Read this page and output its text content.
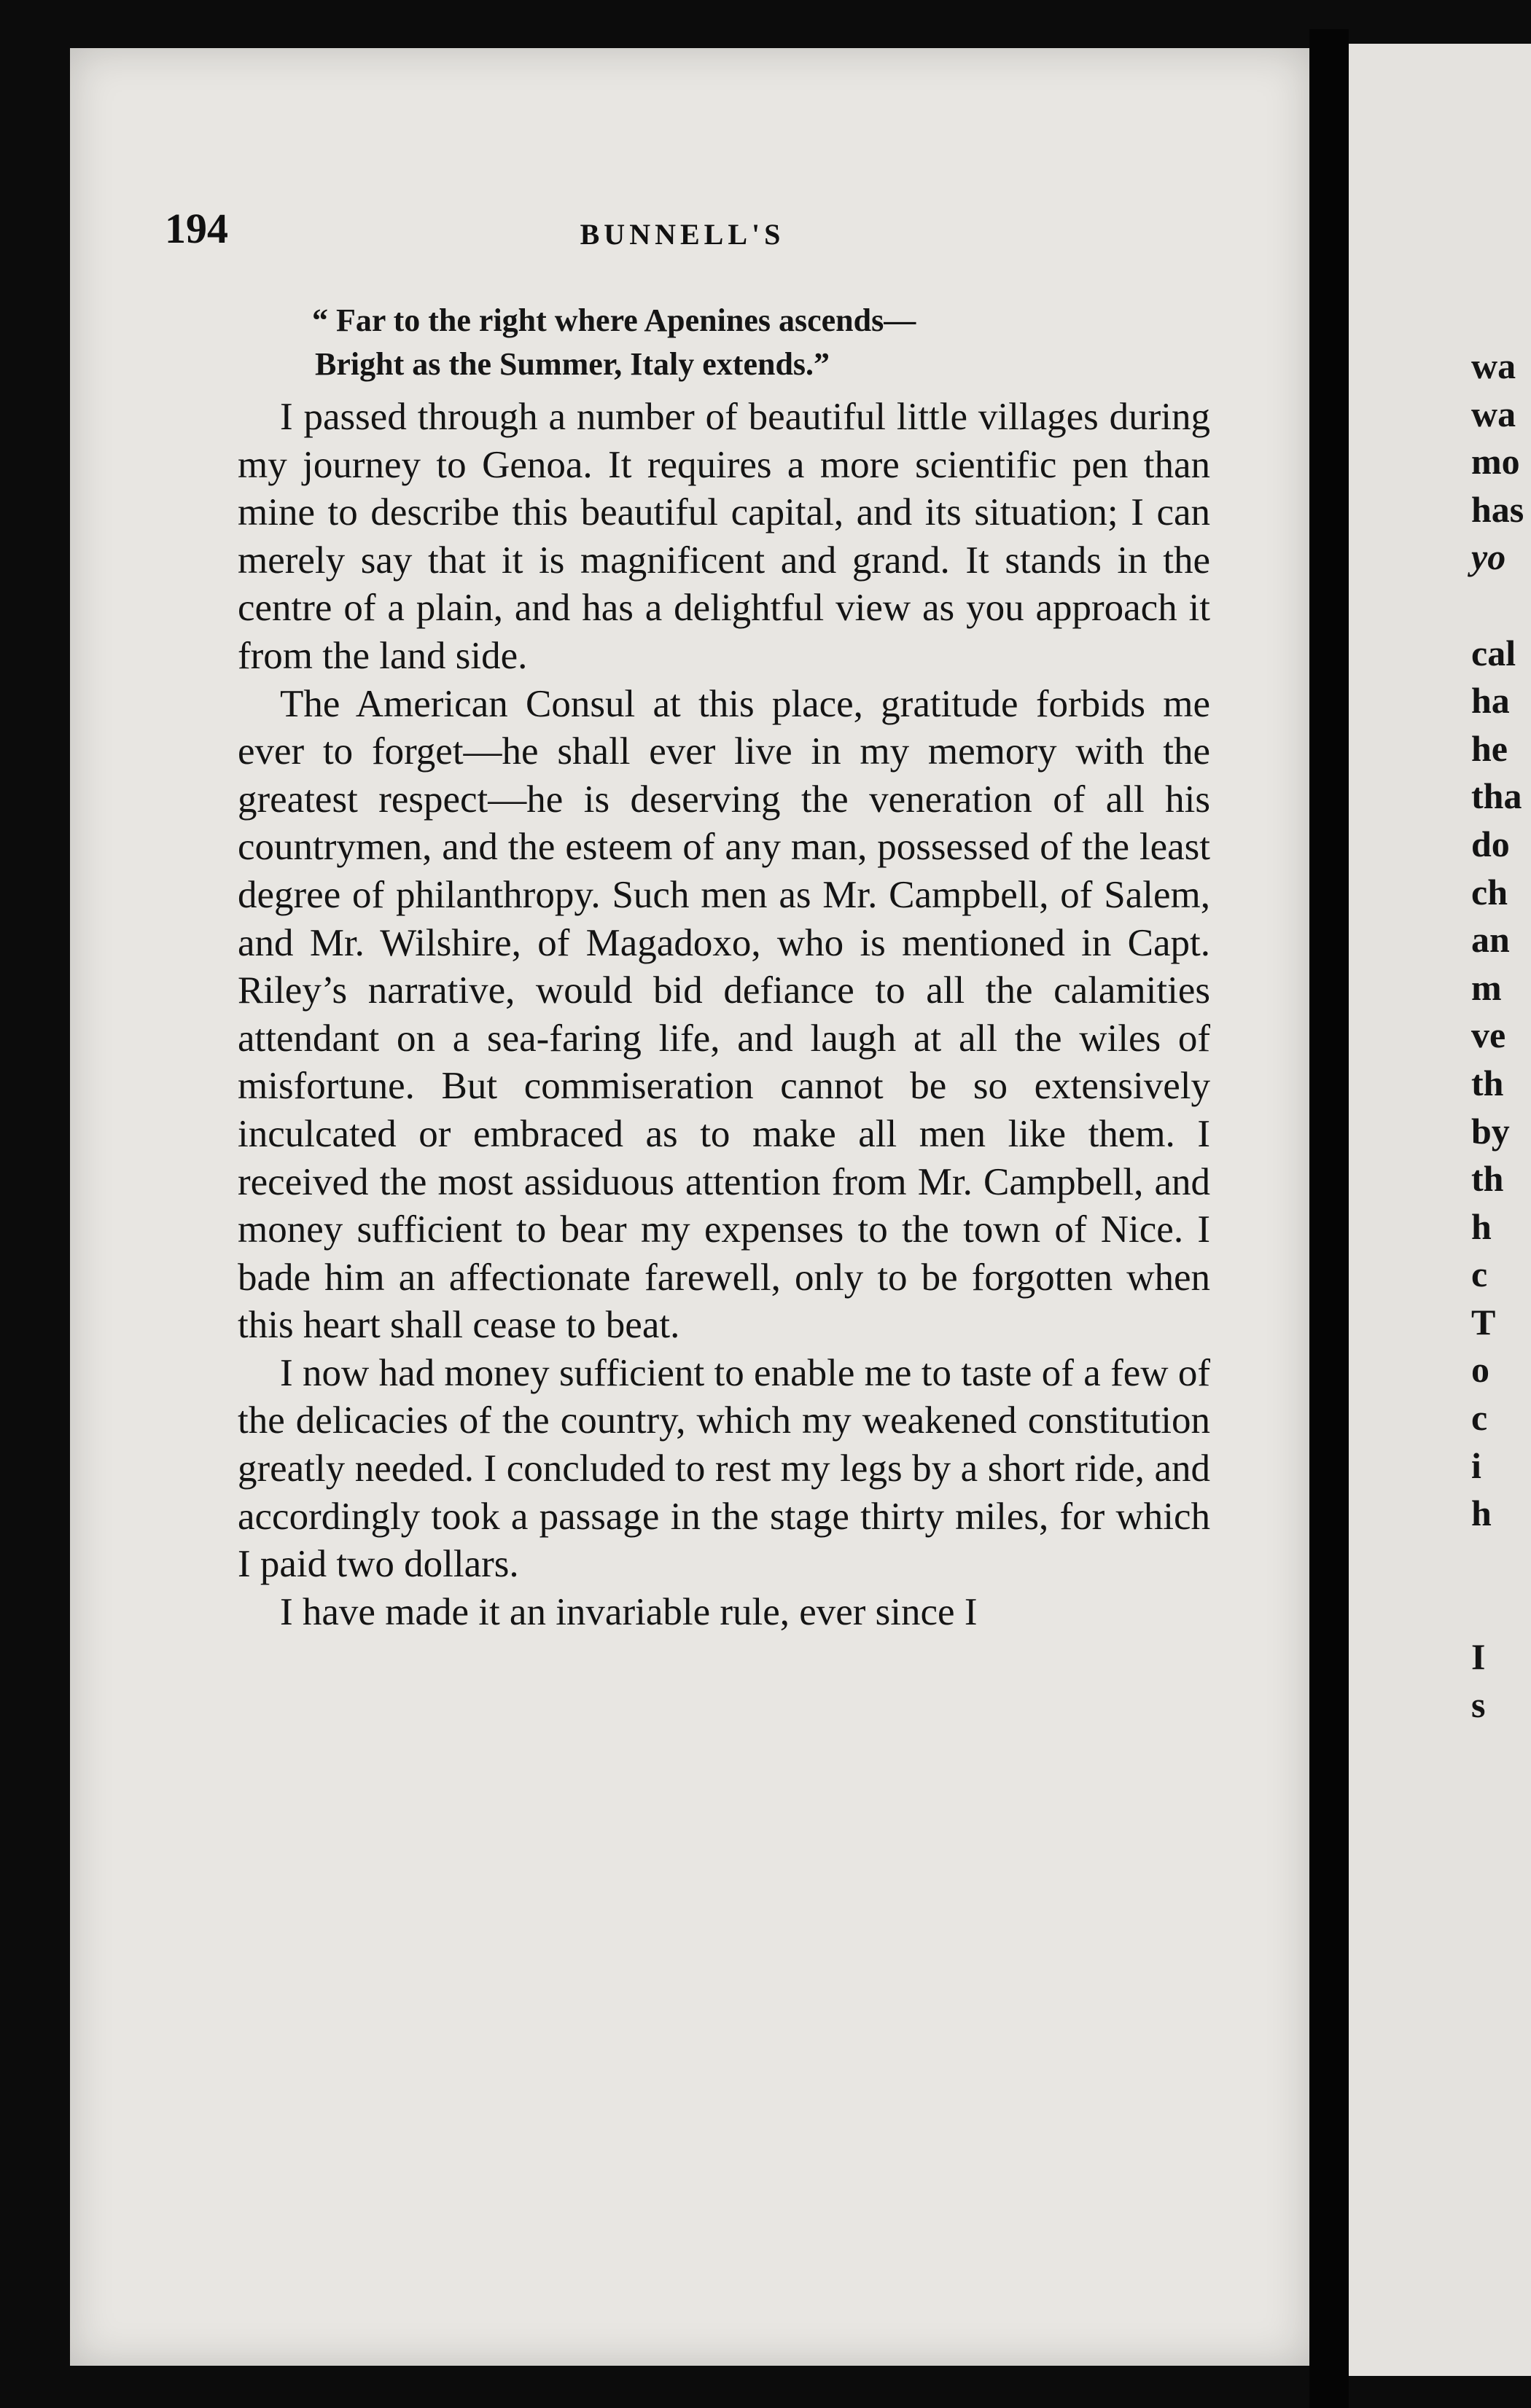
194	BUNNELL'S
“ Far to the right where Apenines ascends—
Bright as the Summer, Italy extends.”

I passed through a number of beautiful little villages during my journey to Genoa. It requires a more scientific pen than mine to describe this beautiful capital, and its situation; I can merely say that it is magnificent and grand. It stands in the centre of a plain, and has a delightful view as you approach it from the land side.

The American Consul at this place, gratitude forbids me ever to forget—he shall ever live in my memory with the greatest respect—he is deserving the veneration of all his countrymen, and the esteem of any man, possessed of the least degree of philanthropy. Such men as Mr. Campbell, of Salem, and Mr. Wilshire, of Magadoxo, who is mentioned in Capt. Riley’s narrative, would bid defiance to all the calamities attendant on a sea-faring life, and laugh at all the wiles of misfortune. But commiseration cannot be so extensively inculcated or embraced as to make all men like them. I received the most assiduous attention from Mr. Campbell, and money sufficient to bear my expenses to the town of Nice. I bade him an affectionate farewell, only to be forgotten when this heart shall cease to beat.

I now had money sufficient to enable me to taste of a few of the delicacies of the country, which my weakened constitution greatly needed. I concluded to rest my legs by a short ride, and accordingly took a passage in the stage thirty miles, for which I paid two dollars.

I have made it an invariable rule, ever since I

wa
wa
mo
has
yo

cal
ha
he
tha
do
ch
an
m
ve
th
by
th
h
c
T
o
c
i
h

I
s
